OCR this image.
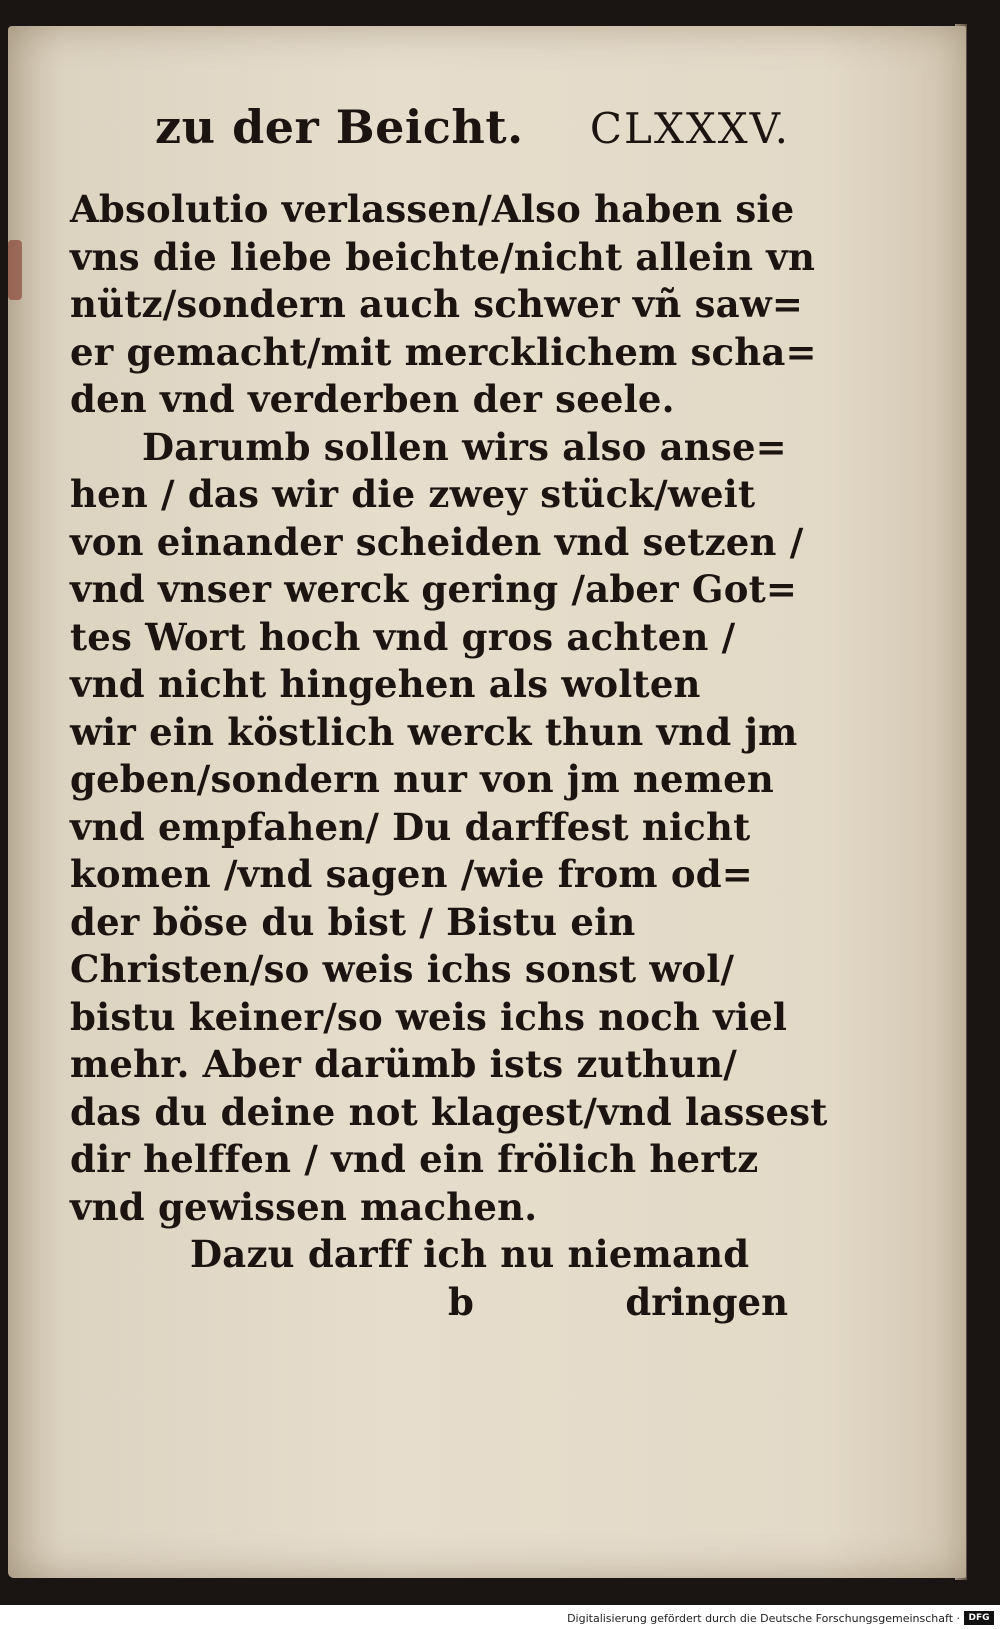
zu der Beicht. CLXXXV.
Absolutio verlassen/Also haben sie
vns die liebe beichte/nicht allein vn
nütz/sondern auch schwer vñ saw=
er gemacht/mit mercklichem scha=
den vnd verderben der seele.
Darumb sollen wirs also anse=
hen / das wir die zwey stück/weit
von einander scheiden vnd setzen /
vnd vnser werck gering /aber Got=
tes Wort hoch vnd gros achten /
vnd nicht hingehen als wolten
wir ein köstlich werck thun vnd jm
geben/sondern nur von jm nemen
vnd empfahen/ Du darffest nicht
komen /vnd sagen /wie from od=
der böse du bist / Bistu ein
Christen/so weis ichs sonst wol/
bistu keiner/so weis ichs noch viel
mehr. Aber darümb ists zuthun/
das du deine not klagest/vnd lassest
dir helffen / vnd ein frölich hertz
vnd gewissen machen.
Dazu darff ich nu niemand
b	dringen
Digitalisierung gefördert durch die Deutsche Forschungsgemeinschaft · DFG
